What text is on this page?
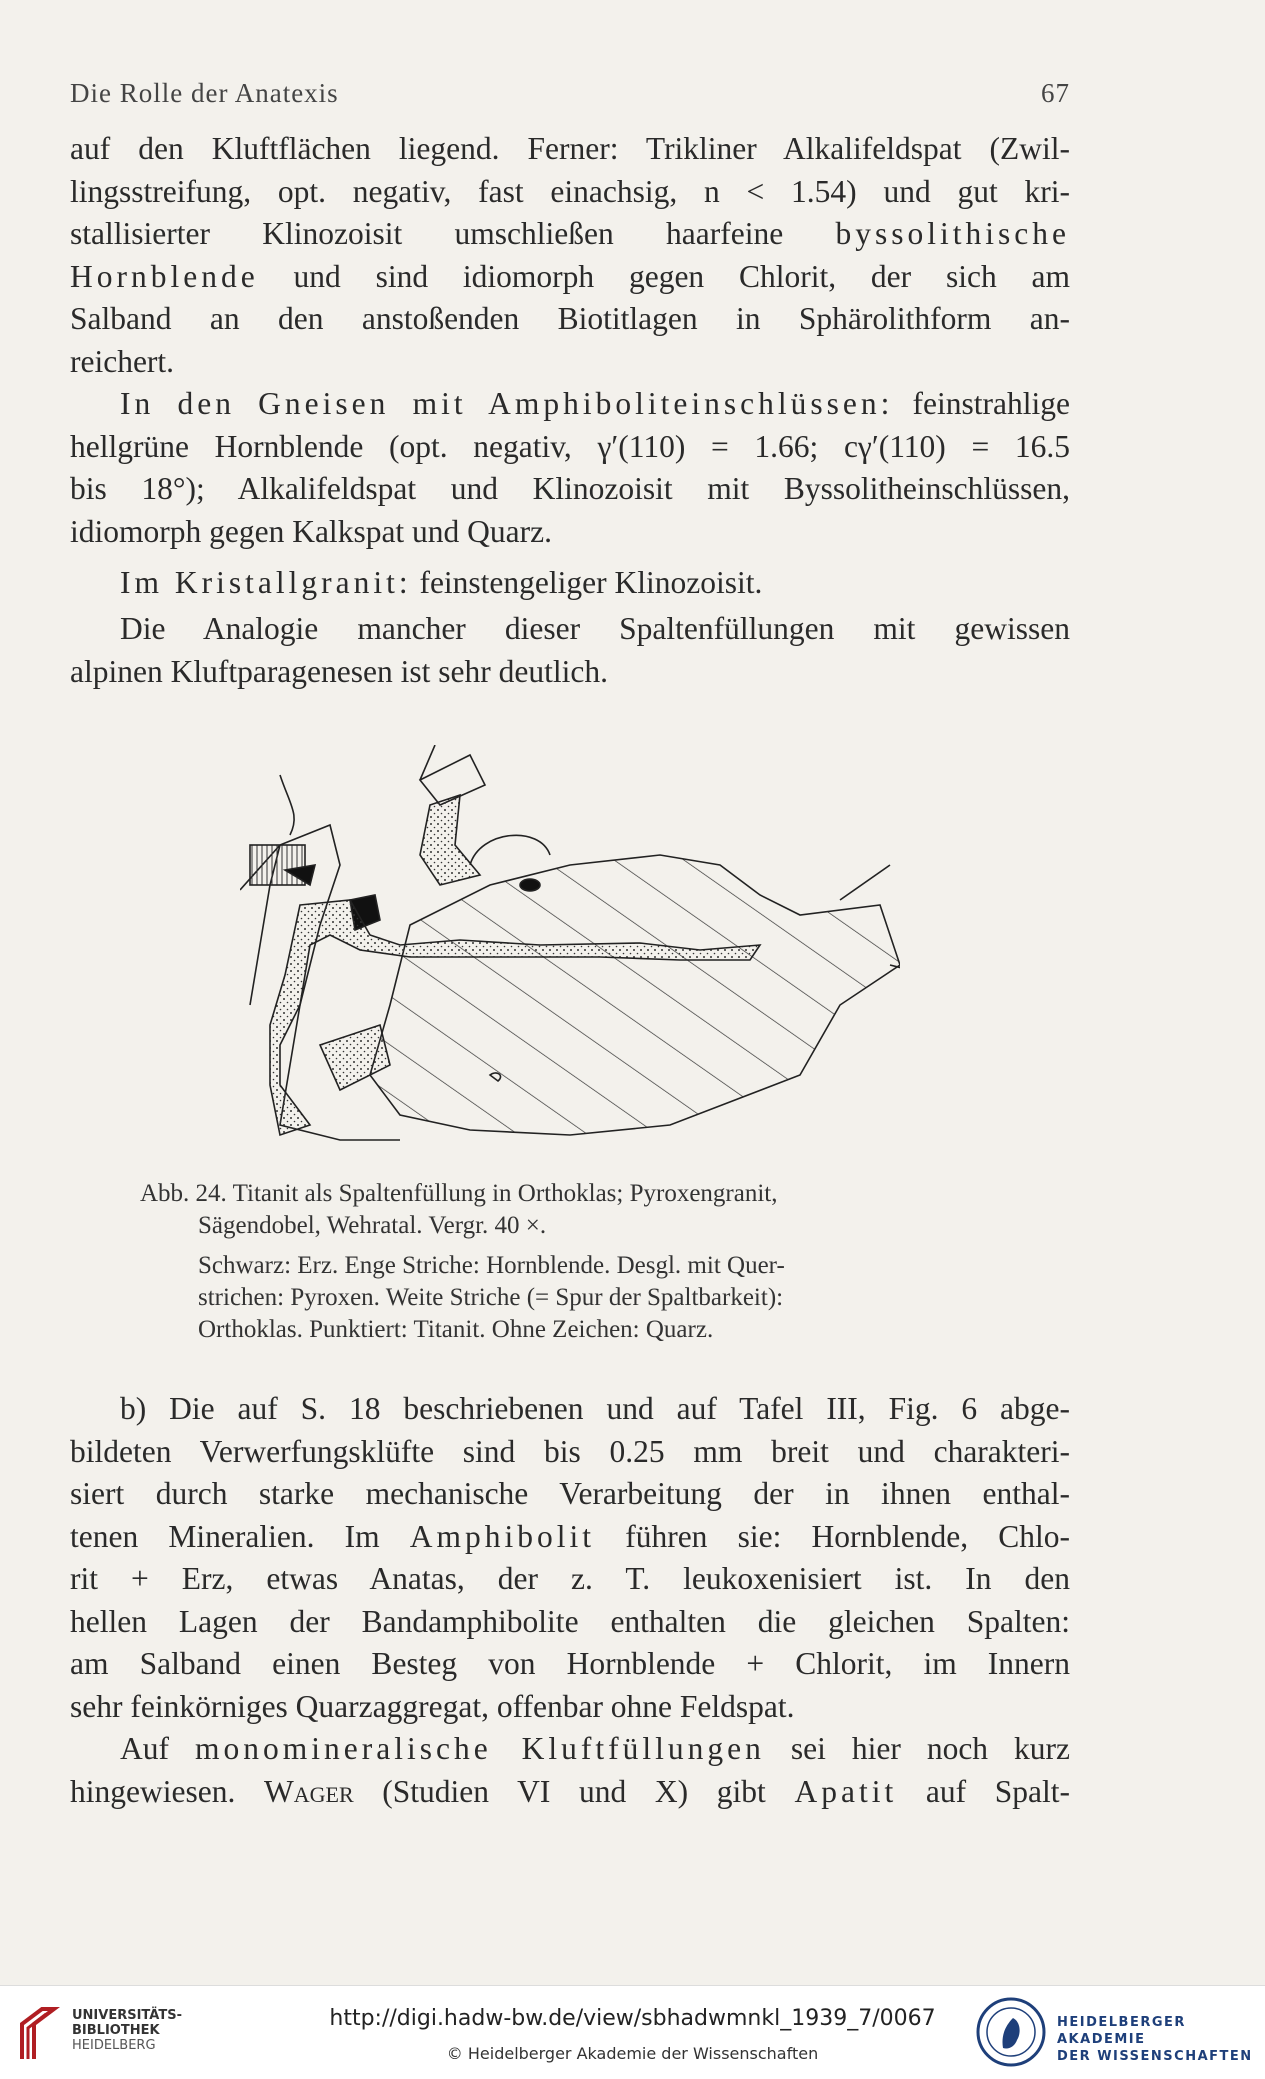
Die Rolle der Anatexis	67
auf den Kluftflächen liegend. Ferner: Trikliner Alkalifeldspat (Zwil-
lingsstreifung, opt. negativ, fast einachsig, n < 1.54) und gut kri-
stallisierter Klinozoisit umschließen haarfeine byssolithische
Hornblende und sind idiomorph gegen Chlorit, der sich am
Salband an den anstoßenden Biotitlagen in Sphärolithform an-
reichert.
In den Gneisen mit Amphiboliteinschlüssen: feinstrahlige
hellgrüne Hornblende (opt. negativ, γ′(110) = 1.66; cγ′(110) = 16.5
bis 18°); Alkalifeldspat und Klinozoisit mit Byssolitheinschlüssen,
idiomorph gegen Kalkspat und Quarz.
Im Kristallgranit: feinstengeliger Klinozoisit.
Die Analogie mancher dieser Spaltenfüllungen mit gewissen
alpinen Kluftparagenesen ist sehr deutlich.
Abb. 24. Titanit als Spaltenfüllung in Orthoklas; Pyroxengranit,
Sägendobel, Wehratal. Vergr. 40 ×.
Schwarz: Erz. Enge Striche: Hornblende. Desgl. mit Quer-
strichen: Pyroxen. Weite Striche (= Spur der Spaltbarkeit):
Orthoklas. Punktiert: Titanit. Ohne Zeichen: Quarz.
b) Die auf S. 18 beschriebenen und auf Tafel III, Fig. 6 abge-
bildeten Verwerfungsklüfte sind bis 0.25 mm breit und charakteri-
siert durch starke mechanische Verarbeitung der in ihnen enthal-
tenen Mineralien. Im Amphibolit führen sie: Hornblende, Chlo-
rit + Erz, etwas Anatas, der z. T. leukoxenisiert ist. In den
hellen Lagen der Bandamphibolite enthalten die gleichen Spalten:
am Salband einen Besteg von Hornblende + Chlorit, im Innern
sehr feinkörniges Quarzaggregat, offenbar ohne Feldspat.
Auf monomineralische Kluftfüllungen sei hier noch kurz
hingewiesen. Wager (Studien VI und X) gibt Apatit auf Spalt-
UNIVERSITÄTS-
BIBLIOTHEK
HEIDELBERG
http://digi.hadw-bw.de/view/sbhadwmnkl_1939_7/0067
© Heidelberger Akademie der Wissenschaften
HEIDELBERGER AKADEMIE
DER WISSENSCHAFTEN
